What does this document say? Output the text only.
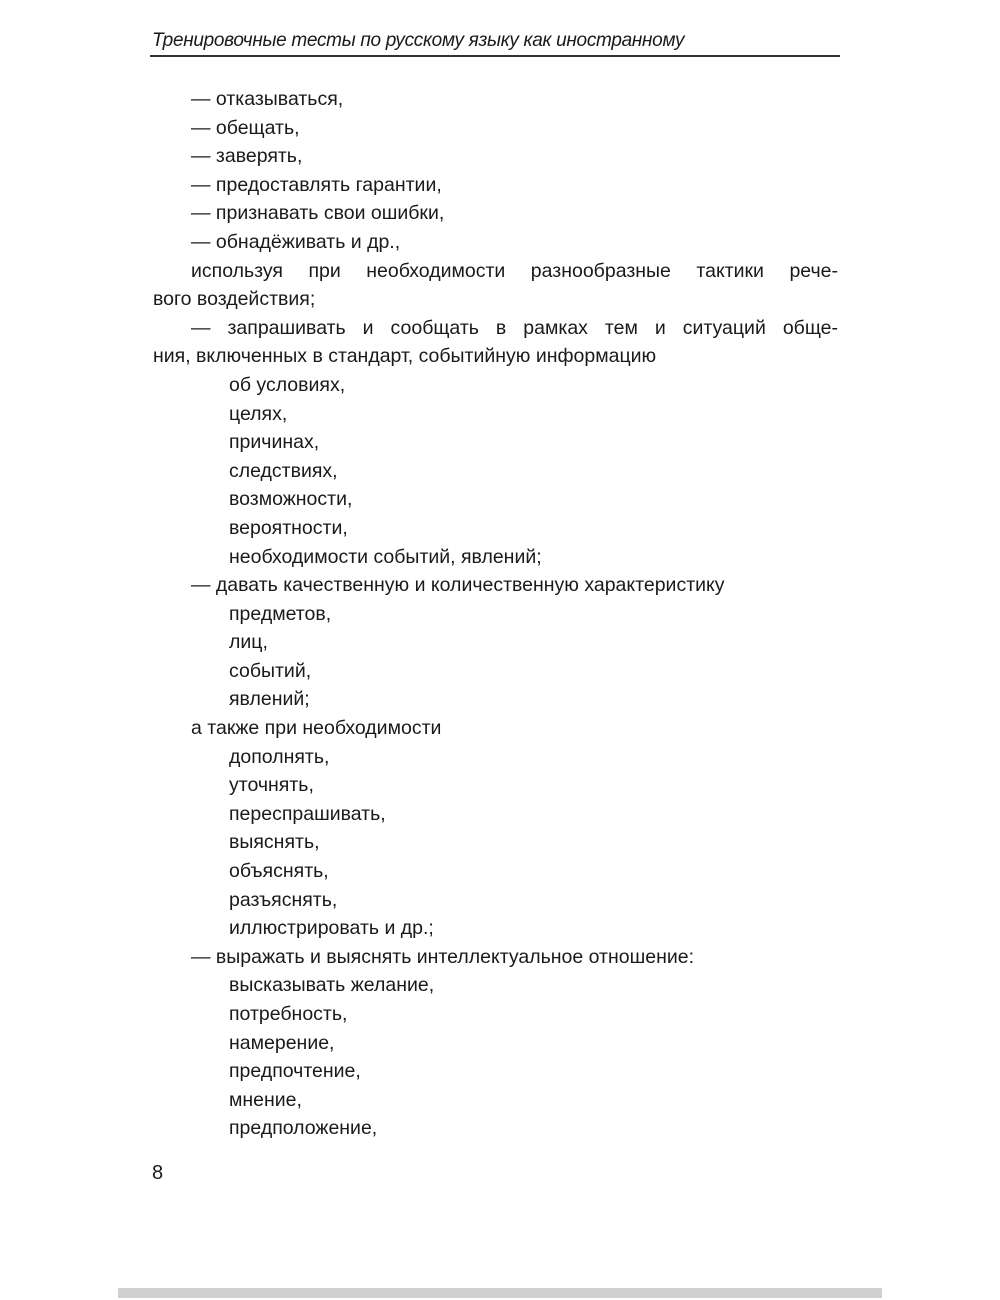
Тренировочные тесты по русскому языку как иностранному
— отказываться,
— обещать,
— заверять,
— предоставлять гарантии,
— признавать свои ошибки,
— обнадёживать и др.,
используя при необходимости разнообразные тактики рече-
вого воздействия;
— запрашивать и сообщать в рамках тем и ситуаций обще-
ния, включенных в стандарт, событийную информацию
об условиях,
целях,
причинах,
следствиях,
возможности,
вероятности,
необходимости событий, явлений;
— давать качественную и количественную характеристику
предметов,
лиц,
событий,
явлений;
а также при необходимости
дополнять,
уточнять,
переспрашивать,
выяснять,
объяснять,
разъяснять,
иллюстрировать и др.;
— выражать и выяснять интеллектуальное отношение:
высказывать желание,
потребность,
намерение,
предпочтение,
мнение,
предположение,
8
